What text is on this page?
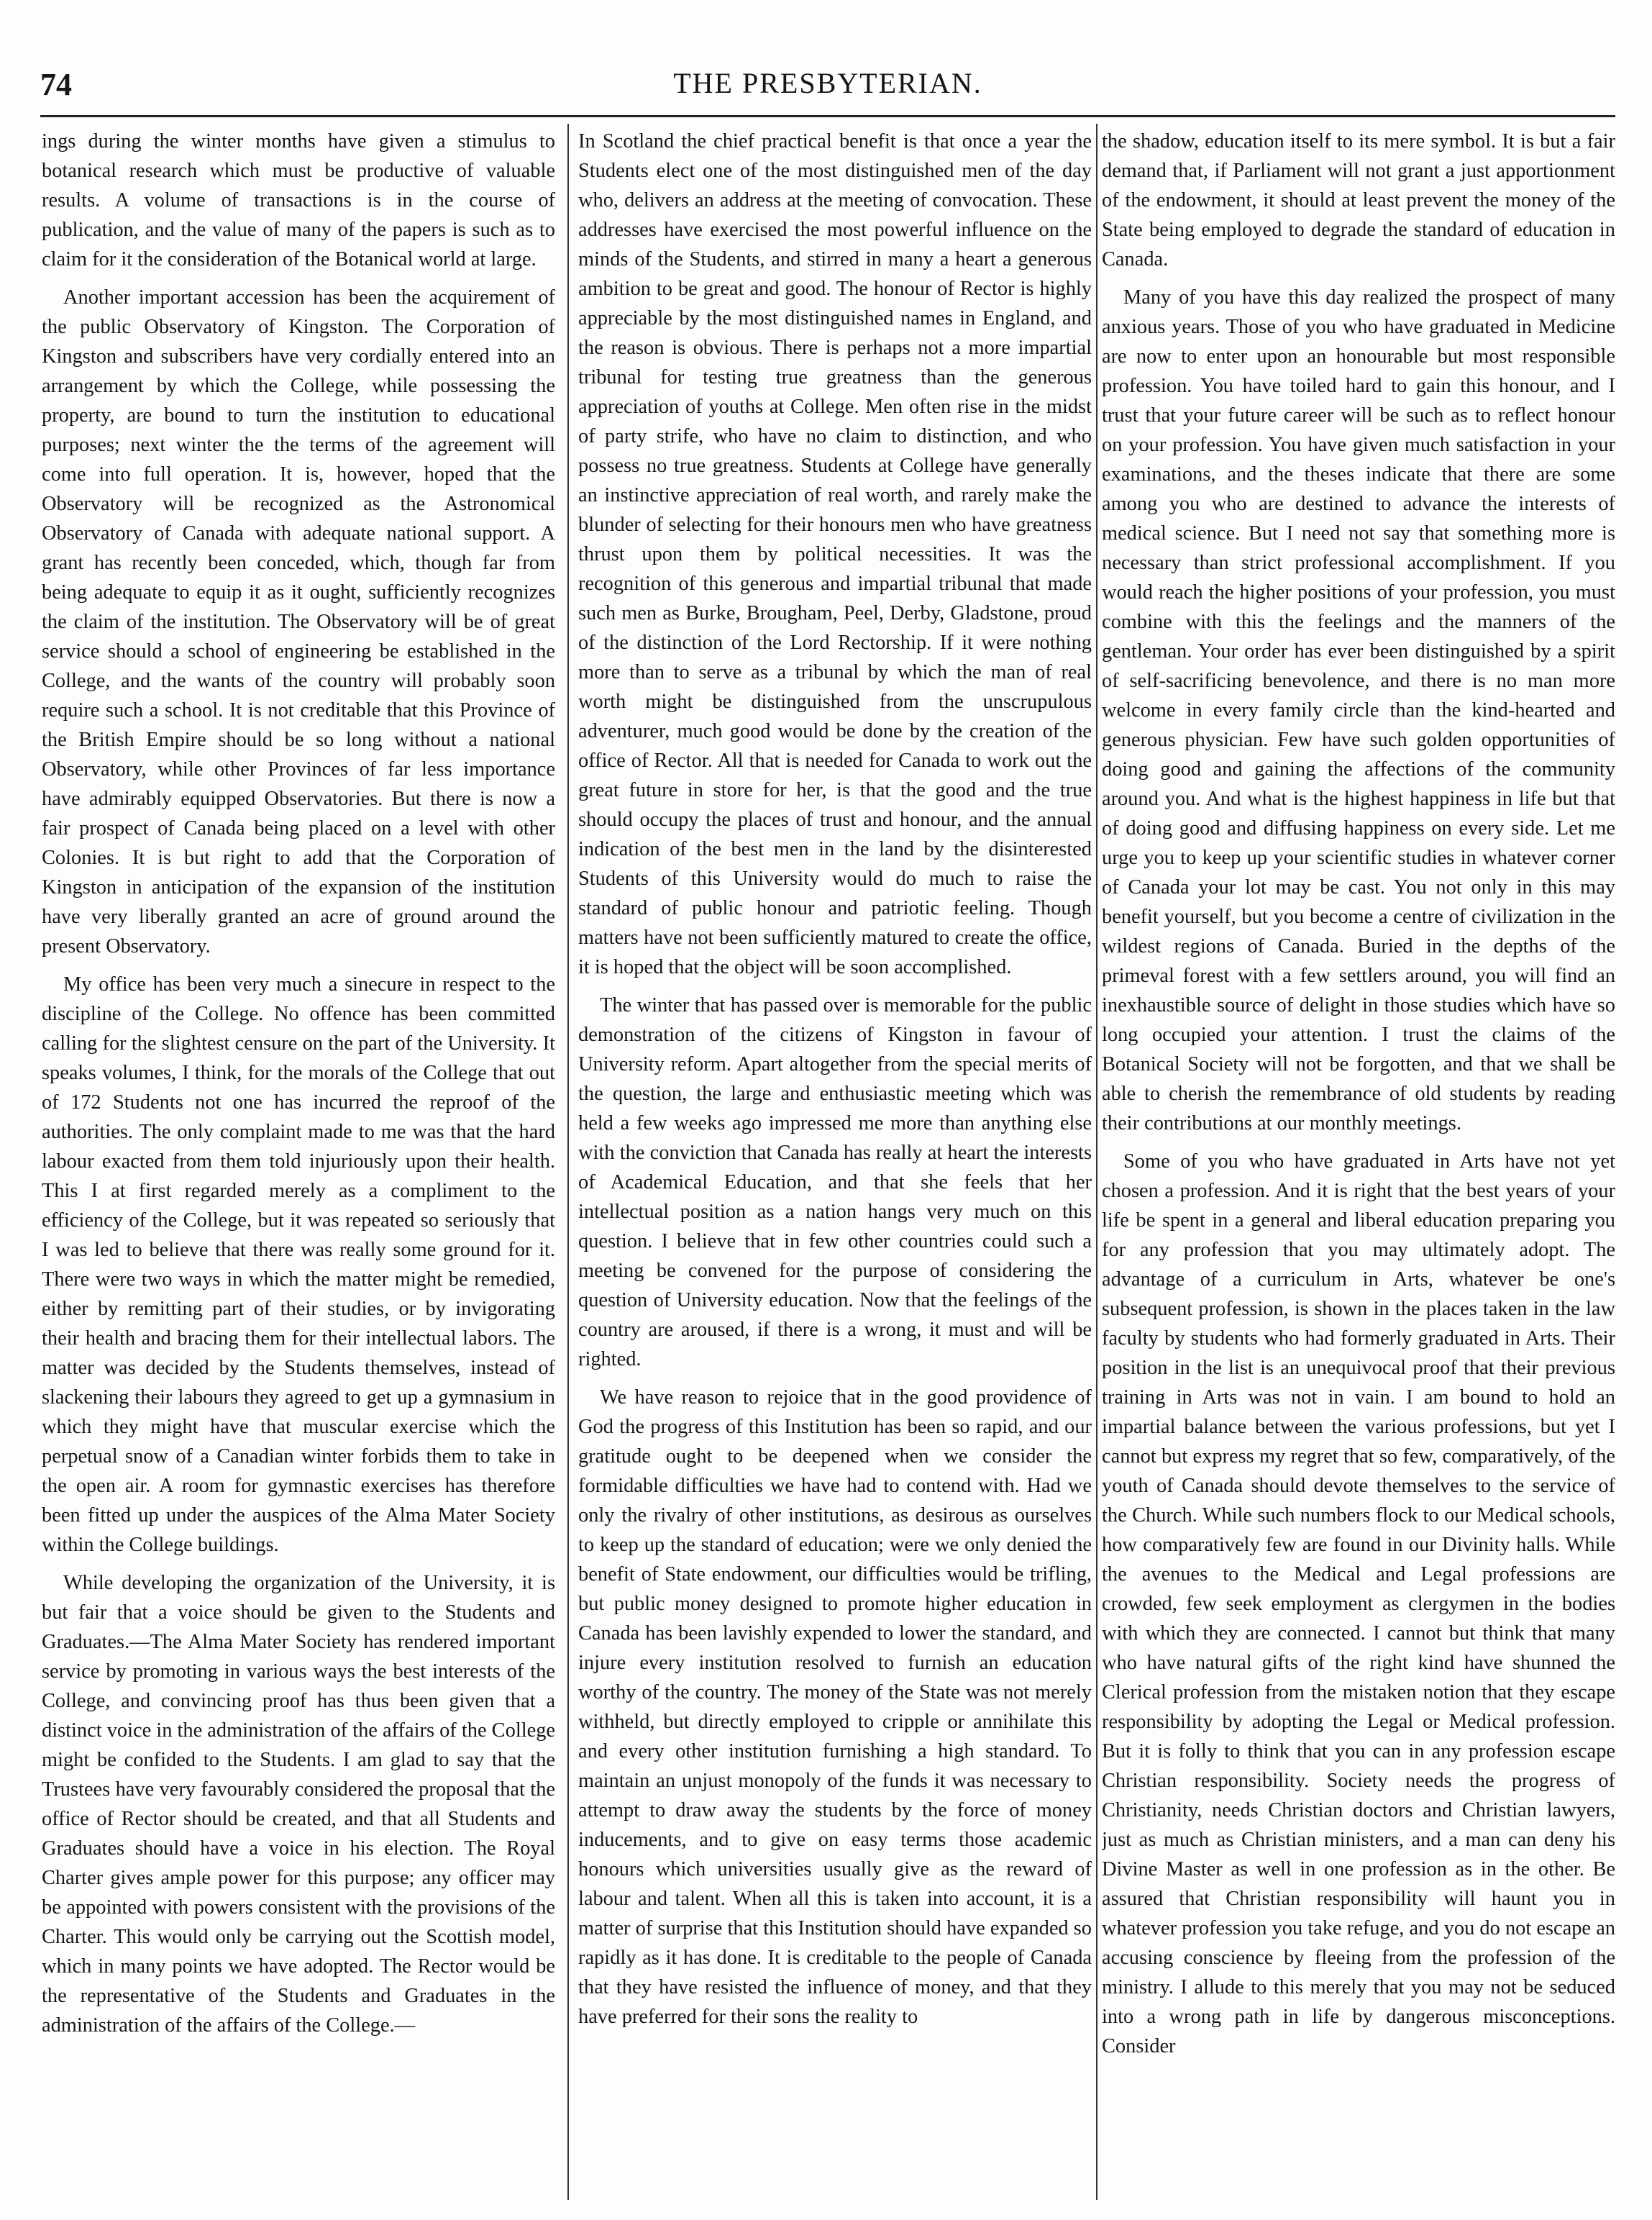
74	THE PRESBYTERIAN.

ings during the winter months have given a stimulus to botanical research which must be productive of valuable results. A volume of transactions is in the course of publication, and the value of many of the papers is such as to claim for it the consideration of the Botanical world at large.

Another important accession has been the acquirement of the public Observatory of Kingston. The Corporation of Kingston and subscribers have very cordially entered into an arrangement by which the College, while possessing the property, are bound to turn the institution to educational purposes; next winter the the terms of the agreement will come into full operation. It is, however, hoped that the Observatory will be recognized as the Astronomical Observatory of Canada with adequate national support. A grant has recently been conceded, which, though far from being adequate to equip it as it ought, sufficiently recognizes the claim of the institution. The Observatory will be of great service should a school of engineering be established in the College, and the wants of the country will probably soon require such a school. It is not creditable that this Province of the British Empire should be so long without a national Observatory, while other Provinces of far less importance have admirably equipped Observatories. But there is now a fair prospect of Canada being placed on a level with other Colonies. It is but right to add that the Corporation of Kingston in anticipation of the expansion of the institution have very liberally granted an acre of ground around the present Observatory.

My office has been very much a sinecure in respect to the discipline of the College. No offence has been committed calling for the slightest censure on the part of the University. It speaks volumes, I think, for the morals of the College that out of 172 Students not one has incurred the reproof of the authorities. The only complaint made to me was that the hard labour exacted from them told injuriously upon their health. This I at first regarded merely as a compliment to the efficiency of the College, but it was repeated so seriously that I was led to believe that there was really some ground for it. There were two ways in which the matter might be remedied, either by remitting part of their studies, or by invigorating their health and bracing them for their intellectual labors. The matter was decided by the Students themselves, instead of slackening their labours they agreed to get up a gymnasium in which they might have that muscular exercise which the perpetual snow of a Canadian winter forbids them to take in the open air. A room for gymnastic exercises has therefore been fitted up under the auspices of the Alma Mater Society within the College buildings.

While developing the organization of the University, it is but fair that a voice should be given to the Students and Graduates.—The Alma Mater Society has rendered important service by promoting in various ways the best interests of the College, and convincing proof has thus been given that a distinct voice in the administration of the affairs of the College might be confided to the Students. I am glad to say that the Trustees have very favourably considered the proposal that the office of Rector should be created, and that all Students and Graduates should have a voice in his election. The Royal Charter gives ample power for this purpose; any officer may be appointed with powers consistent with the provisions of the Charter. This would only be carrying out the Scottish model, which in many points we have adopted. The Rector would be the representative of the Students and Graduates in the administration of the affairs of the College.—

In Scotland the chief practical benefit is that once a year the Students elect one of the most distinguished men of the day who, delivers an address at the meeting of convocation. These addresses have exercised the most powerful influence on the minds of the Students, and stirred in many a heart a generous ambition to be great and good. The honour of Rector is highly appreciable by the most distinguished names in England, and the reason is obvious. There is perhaps not a more impartial tribunal for testing true greatness than the generous appreciation of youths at College. Men often rise in the midst of party strife, who have no claim to distinction, and who possess no true greatness. Students at College have generally an instinctive appreciation of real worth, and rarely make the blunder of selecting for their honours men who have greatness thrust upon them by political necessities. It was the recognition of this generous and impartial tribunal that made such men as Burke, Brougham, Peel, Derby, Gladstone, proud of the distinction of the Lord Rectorship. If it were nothing more than to serve as a tribunal by which the man of real worth might be distinguished from the unscrupulous adventurer, much good would be done by the creation of the office of Rector. All that is needed for Canada to work out the great future in store for her, is that the good and the true should occupy the places of trust and honour, and the annual indication of the best men in the land by the disinterested Students of this University would do much to raise the standard of public honour and patriotic feeling. Though matters have not been sufficiently matured to create the office, it is hoped that the object will be soon accomplished.

The winter that has passed over is memorable for the public demonstration of the citizens of Kingston in favour of University reform. Apart altogether from the special merits of the question, the large and enthusiastic meeting which was held a few weeks ago impressed me more than anything else with the conviction that Canada has really at heart the interests of Academical Education, and that she feels that her intellectual position as a nation hangs very much on this question. I believe that in few other countries could such a meeting be convened for the purpose of considering the question of University education. Now that the feelings of the country are aroused, if there is a wrong, it must and will be righted.

We have reason to rejoice that in the good providence of God the progress of this Institution has been so rapid, and our gratitude ought to be deepened when we consider the formidable difficulties we have had to contend with. Had we only the rivalry of other institutions, as desirous as ourselves to keep up the standard of education; were we only denied the benefit of State endowment, our difficulties would be trifling, but public money designed to promote higher education in Canada has been lavishly expended to lower the standard, and injure every institution resolved to furnish an education worthy of the country. The money of the State was not merely withheld, but directly employed to cripple or annihilate this and every other institution furnishing a high standard. To maintain an unjust monopoly of the funds it was necessary to attempt to draw away the students by the force of money inducements, and to give on easy terms those academic honours which universities usually give as the reward of labour and talent. When all this is taken into account, it is a matter of surprise that this Institution should have expanded so rapidly as it has done. It is creditable to the people of Canada that they have resisted the influence of money, and that they have preferred for their sons the reality to

the shadow, education itself to its mere symbol. It is but a fair demand that, if Parliament will not grant a just apportionment of the endowment, it should at least prevent the money of the State being employed to degrade the standard of education in Canada.

Many of you have this day realized the prospect of many anxious years. Those of you who have graduated in Medicine are now to enter upon an honourable but most responsible profession. You have toiled hard to gain this honour, and I trust that your future career will be such as to reflect honour on your profession. You have given much satisfaction in your examinations, and the theses indicate that there are some among you who are destined to advance the interests of medical science. But I need not say that something more is necessary than strict professional accomplishment. If you would reach the higher positions of your profession, you must combine with this the feelings and the manners of the gentleman. Your order has ever been distinguished by a spirit of self-sacrificing benevolence, and there is no man more welcome in every family circle than the kind-hearted and generous physician. Few have such golden opportunities of doing good and gaining the affections of the community around you. And what is the highest happiness in life but that of doing good and diffusing happiness on every side. Let me urge you to keep up your scientific studies in whatever corner of Canada your lot may be cast. You not only in this may benefit yourself, but you become a centre of civilization in the wildest regions of Canada. Buried in the depths of the primeval forest with a few settlers around, you will find an inexhaustible source of delight in those studies which have so long occupied your attention. I trust the claims of the Botanical Society will not be forgotten, and that we shall be able to cherish the remembrance of old students by reading their contributions at our monthly meetings.

Some of you who have graduated in Arts have not yet chosen a profession. And it is right that the best years of your life be spent in a general and liberal education preparing you for any profession that you may ultimately adopt. The advantage of a curriculum in Arts, whatever be one's subsequent profession, is shown in the places taken in the law faculty by students who had formerly graduated in Arts. Their position in the list is an unequivocal proof that their previous training in Arts was not in vain. I am bound to hold an impartial balance between the various professions, but yet I cannot but express my regret that so few, comparatively, of the youth of Canada should devote themselves to the service of the Church. While such numbers flock to our Medical schools, how comparatively few are found in our Divinity halls. While the avenues to the Medical and Legal professions are crowded, few seek employment as clergymen in the bodies with which they are connected. I cannot but think that many who have natural gifts of the right kind have shunned the Clerical profession from the mistaken notion that they escape responsibility by adopting the Legal or Medical profession. But it is folly to think that you can in any profession escape Christian responsibility. Society needs the progress of Christianity, needs Christian doctors and Christian lawyers, just as much as Christian ministers, and a man can deny his Divine Master as well in one profession as in the other. Be assured that Christian responsibility will haunt you in whatever profession you take refuge, and you do not escape an accusing conscience by fleeing from the profession of the ministry. I allude to this merely that you may not be seduced into a wrong path in life by dangerous misconceptions. Consider
